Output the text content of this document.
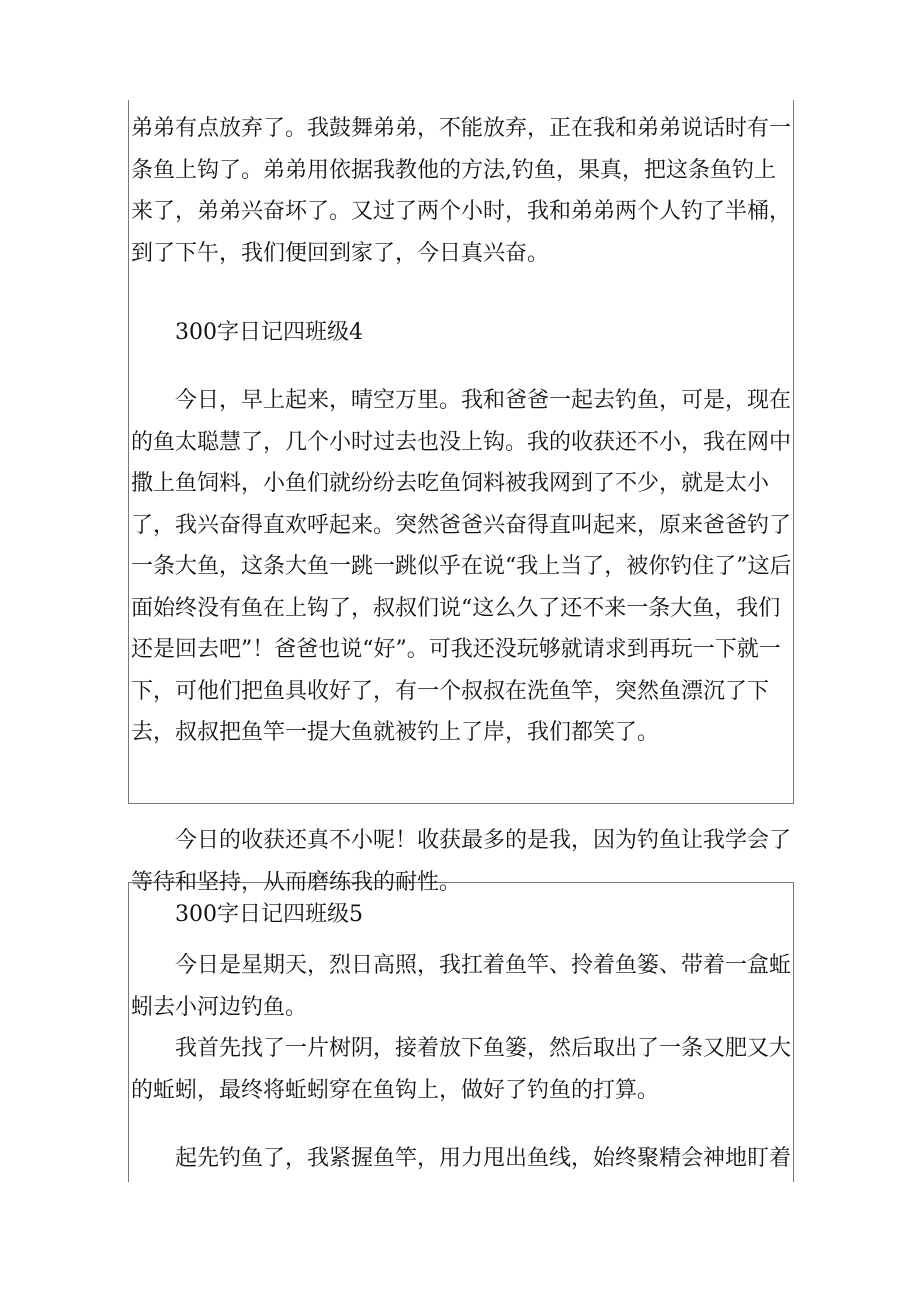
弟弟有点放弃了。我鼓舞弟弟，不能放弃，正在我和弟弟说话时有一条鱼上钩了。弟弟用依据我教他的方法,钓鱼，果真，把这条鱼钓上来了，弟弟兴奋坏了。又过了两个小时，我和弟弟两个人钓了半桶，到了下午，我们便回到家了，今日真兴奋。

300字日记四班级4

今日，早上起来，晴空万里。我和爸爸一起去钓鱼，可是，现在的鱼太聪慧了，几个小时过去也没上钩。我的收获还不小，我在网中撒上鱼饲料，小鱼们就纷纷去吃鱼饲料被我网到了不少，就是太小了，我兴奋得直欢呼起来。突然爸爸兴奋得直叫起来，原来爸爸钓了一条大鱼，这条大鱼一跳一跳似乎在说“我上当了，被你钓住了”这后面始终没有鱼在上钩了，叔叔们说“这么久了还不来一条大鱼，我们还是回去吧”！爸爸也说“好”。可我还没玩够就请求到再玩一下就一下，可他们把鱼具收好了，有一个叔叔在洗鱼竿，突然鱼漂沉了下去，叔叔把鱼竿一提大鱼就被钓上了岸，我们都笑了。

今日的收获还真不小呢！收获最多的是我，因为钓鱼让我学会了等待和坚持，从而磨练我的耐性。

300字日记四班级5

今日是星期天，烈日高照，我扛着鱼竿、拎着鱼篓、带着一盒蚯蚓去小河边钓鱼。

我首先找了一片树阴，接着放下鱼篓，然后取出了一条又肥又大的蚯蚓，最终将蚯蚓穿在鱼钩上，做好了钓鱼的打算。

起先钓鱼了，我紧握鱼竿，用力甩出鱼线，始终聚精会神地盯着
